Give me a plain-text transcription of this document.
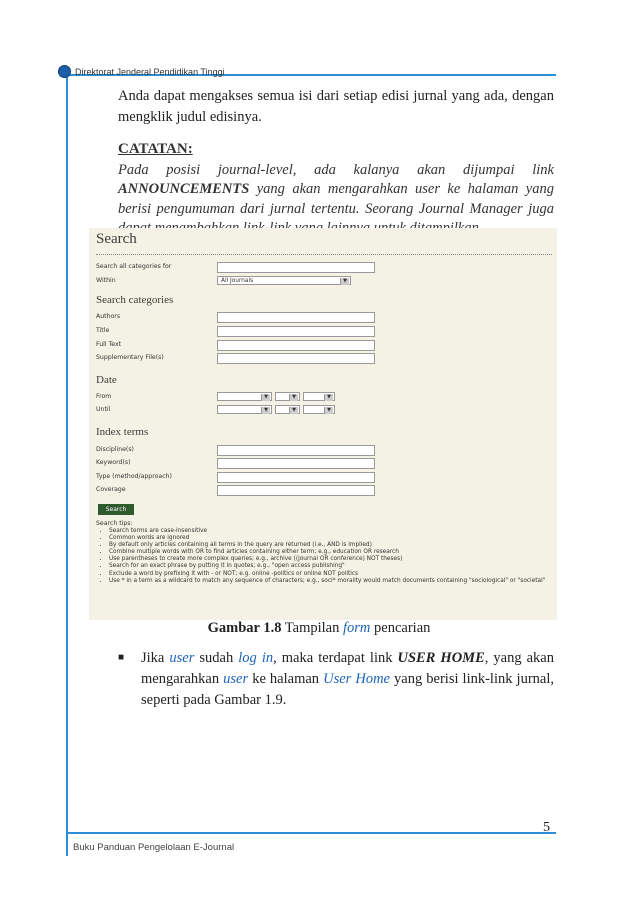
Direktorat Jenderal Pendidikan Tinggi
Anda dapat mengakses semua isi dari setiap edisi jurnal yang ada, dengan mengklik judul edisinya.
CATATAN:
Pada posisi journal-level, ada kalanya akan dijumpai link ANNOUNCEMENTS yang akan mengarahkan user ke halaman yang berisi pengumuman dari jurnal tertentu. Seorang Journal Manager juga
Search
Search all categories for
Within	All Journals	▼
Search categories
Authors
Title
Full Text
Supplementary File(s)
Date
From	▼	▼	▼
Until	▼	▼	▼
Index terms
Discipline(s)
Keyword(s)
Type (method/approach)
Coverage
Search
Search tips:
• Search terms are case-insensitive
• Common words are ignored
• By default only articles containing all terms in the query are returned (i.e., AND is implied)
• Combine multiple words with OR to find articles containing either term; e.g., education OR research
• Use parentheses to create more complex queries; e.g., archive ((journal OR conference) NOT theses)
• Search for an exact phrase by putting it in quotes; e.g., "open access publishing"
• Exclude a word by prefixing it with - or NOT; e.g. online -politics or online NOT politics
• Use * in a term as a wildcard to match any sequence of characters; e.g., soci* morality would match documents containing "sociological" or "societal"
Gambar 1.8 Tampilan form pencarian
■ Jika user sudah log in, maka terdapat link USER HOME, yang akan mengarahkan user ke halaman User Home yang berisi link-link jurnal, seperti pada Gambar 1.9.
5
Buku Panduan Pengelolaan E-Journal
